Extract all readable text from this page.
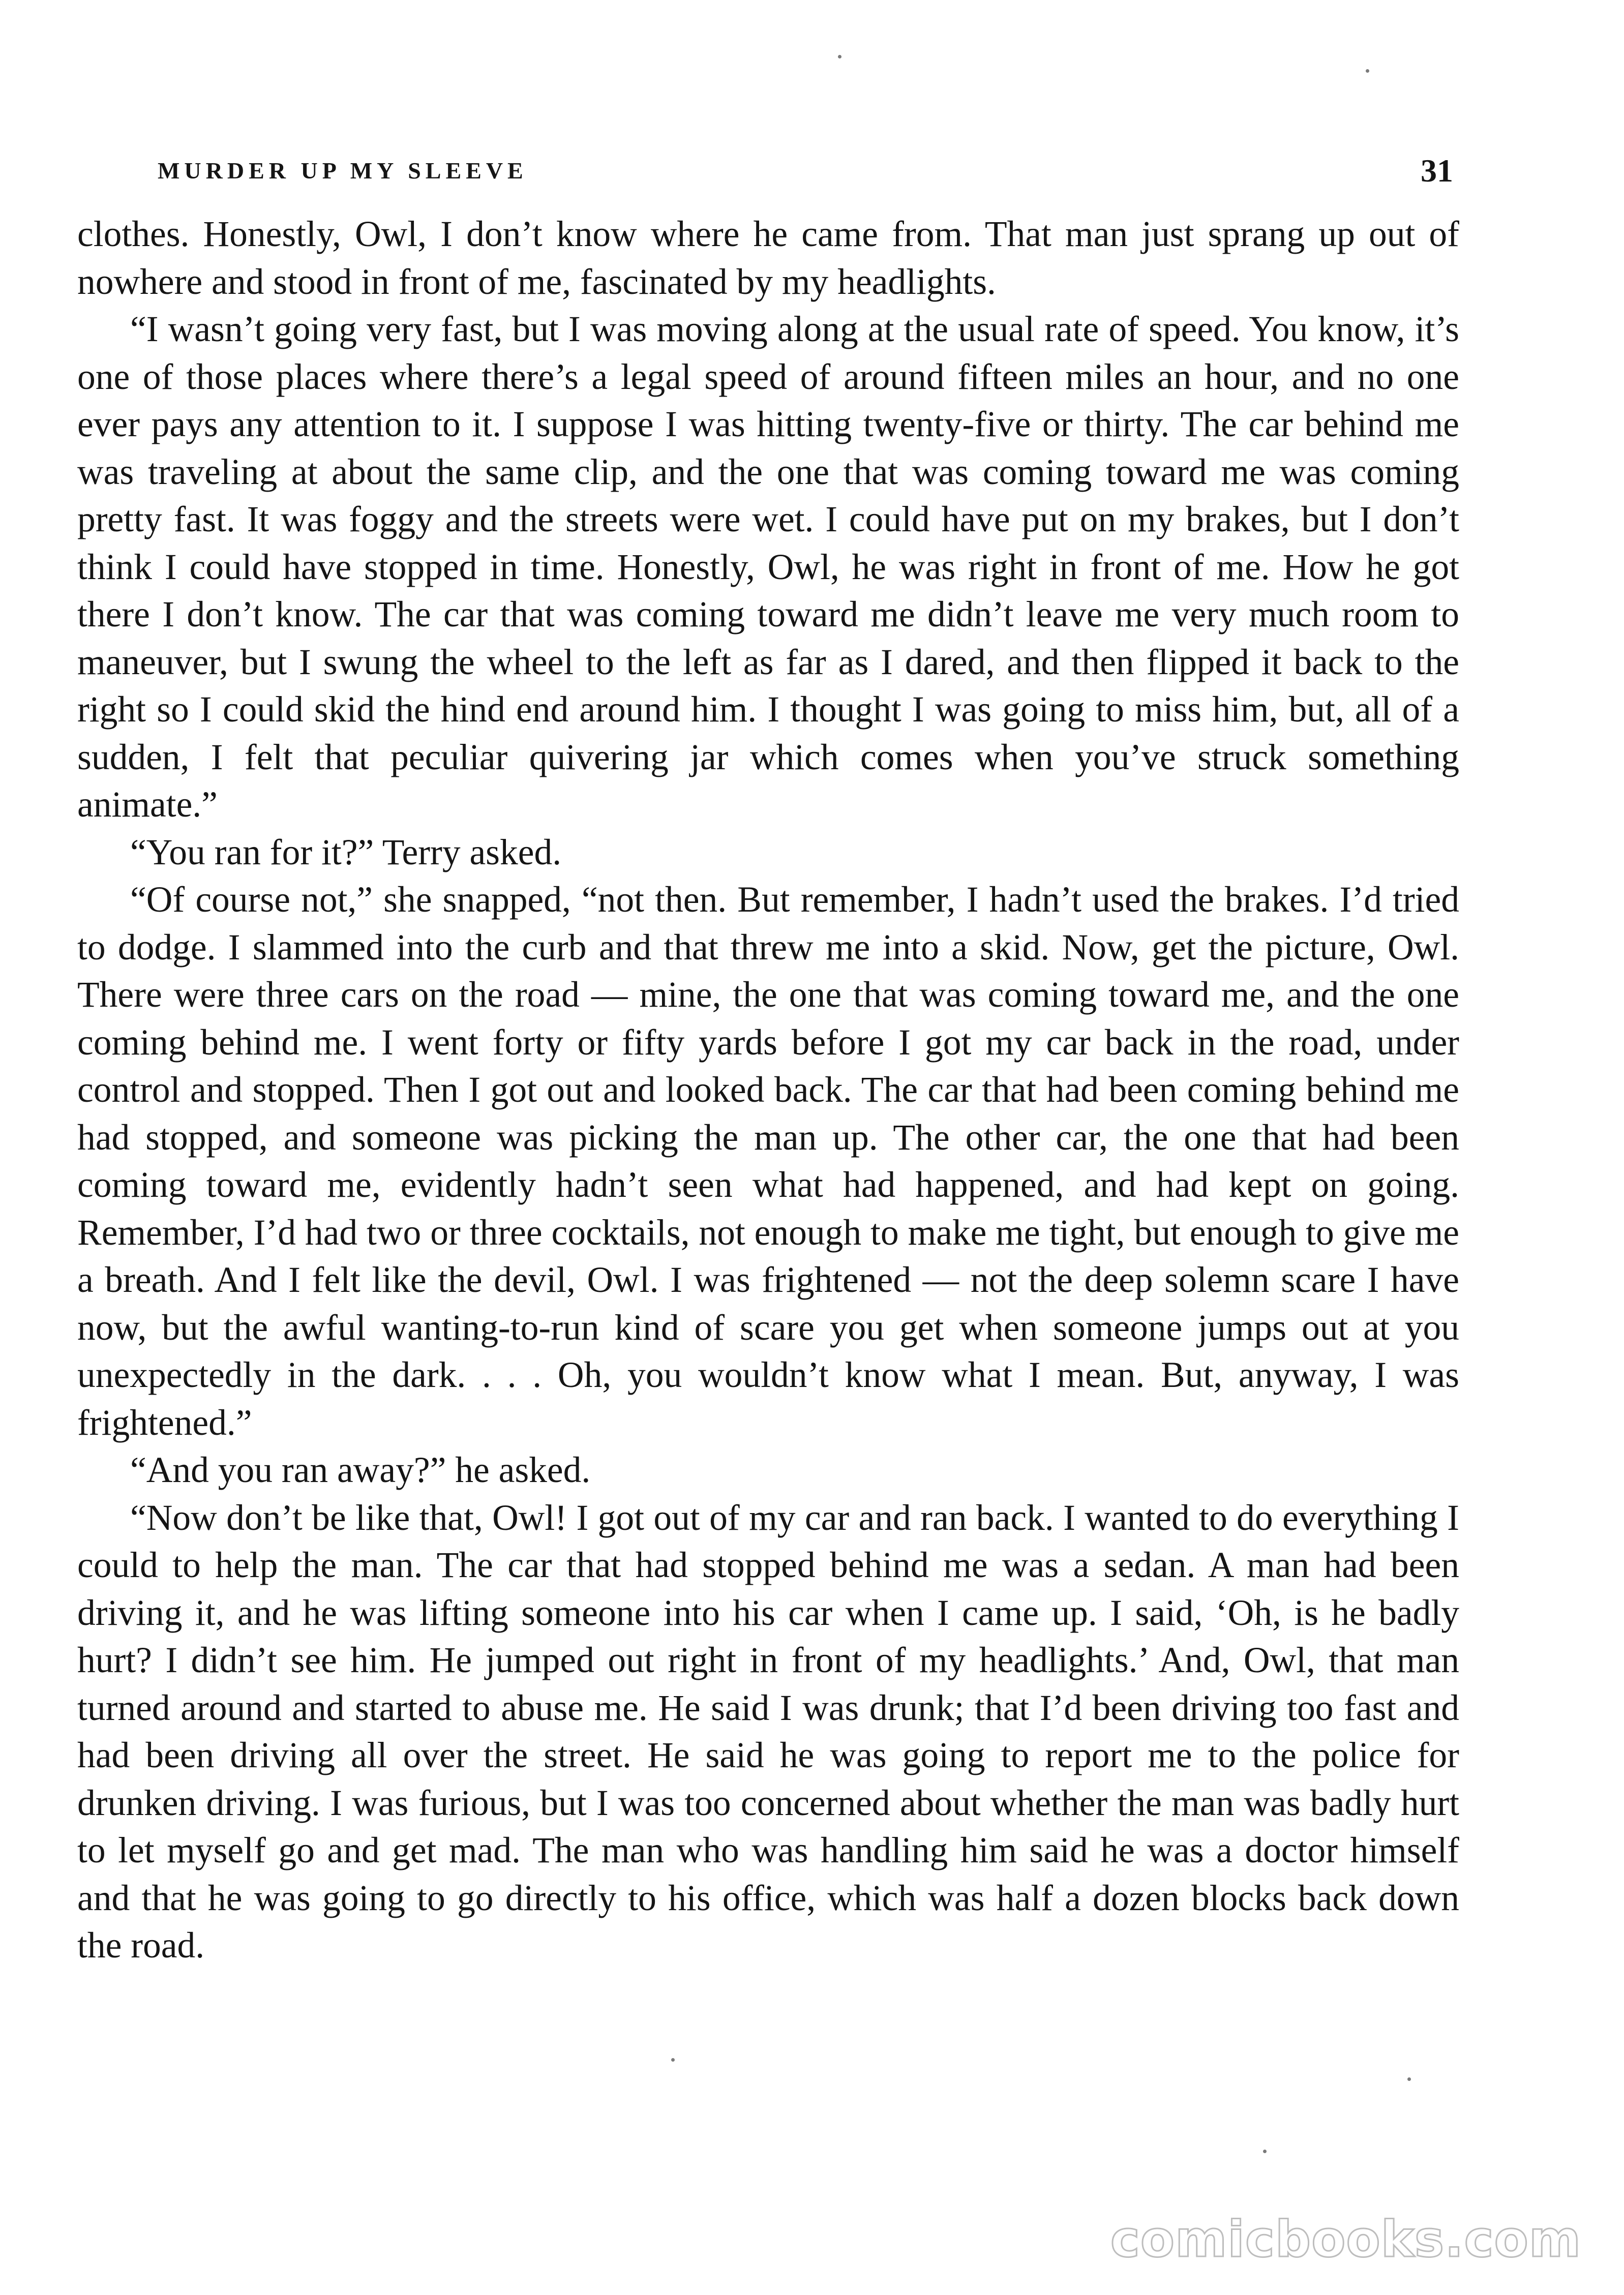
MURDER UP MY SLEEVE	31

clothes. Honestly, Owl, I don’t know where he came from. That man just sprang up out of nowhere and stood in front of me, fascinated by my headlights.

“I wasn’t going very fast, but I was moving along at the usual rate of speed. You know, it’s one of those places where there’s a legal speed of around fifteen miles an hour, and no one ever pays any attention to it. I suppose I was hitting twenty-five or thirty. The car behind me was traveling at about the same clip, and the one that was coming toward me was coming pretty fast. It was foggy and the streets were wet. I could have put on my brakes, but I don’t think I could have stopped in time. Honestly, Owl, he was right in front of me. How he got there I don’t know. The car that was coming toward me didn’t leave me very much room to maneuver, but I swung the wheel to the left as far as I dared, and then flipped it back to the right so I could skid the hind end around him. I thought I was going to miss him, but, all of a sudden, I felt that peculiar quivering jar which comes when you’ve struck something animate.”

“You ran for it?” Terry asked.

“Of course not,” she snapped, “not then. But remember, I hadn’t used the brakes. I’d tried to dodge. I slammed into the curb and that threw me into a skid. Now, get the picture, Owl. There were three cars on the road — mine, the one that was coming toward me, and the one coming behind me. I went forty or fifty yards before I got my car back in the road, under control and stopped. Then I got out and looked back. The car that had been coming behind me had stopped, and someone was picking the man up. The other car, the one that had been coming toward me, evidently hadn’t seen what had happened, and had kept on going. Remember, I’d had two or three cocktails, not enough to make me tight, but enough to give me a breath. And I felt like the devil, Owl. I was frightened — not the deep solemn scare I have now, but the awful wanting-to-run kind of scare you get when someone jumps out at you unexpectedly in the dark. . . . Oh, you wouldn’t know what I mean. But, anyway, I was frightened.”

“And you ran away?” he asked.

“Now don’t be like that, Owl! I got out of my car and ran back. I wanted to do everything I could to help the man. The car that had stopped behind me was a sedan. A man had been driving it, and he was lifting someone into his car when I came up. I said, ‘Oh, is he badly hurt? I didn’t see him. He jumped out right in front of my headlights.’ And, Owl, that man turned around and started to abuse me. He said I was drunk; that I’d been driving too fast and had been driving all over the street. He said he was going to report me to the police for drunken driving. I was furious, but I was too concerned about whether the man was badly hurt to let myself go and get mad. The man who was handling him said he was a doctor himself and that he was going to go directly to his office, which was half a dozen blocks back down the road.

comicbooks.com
